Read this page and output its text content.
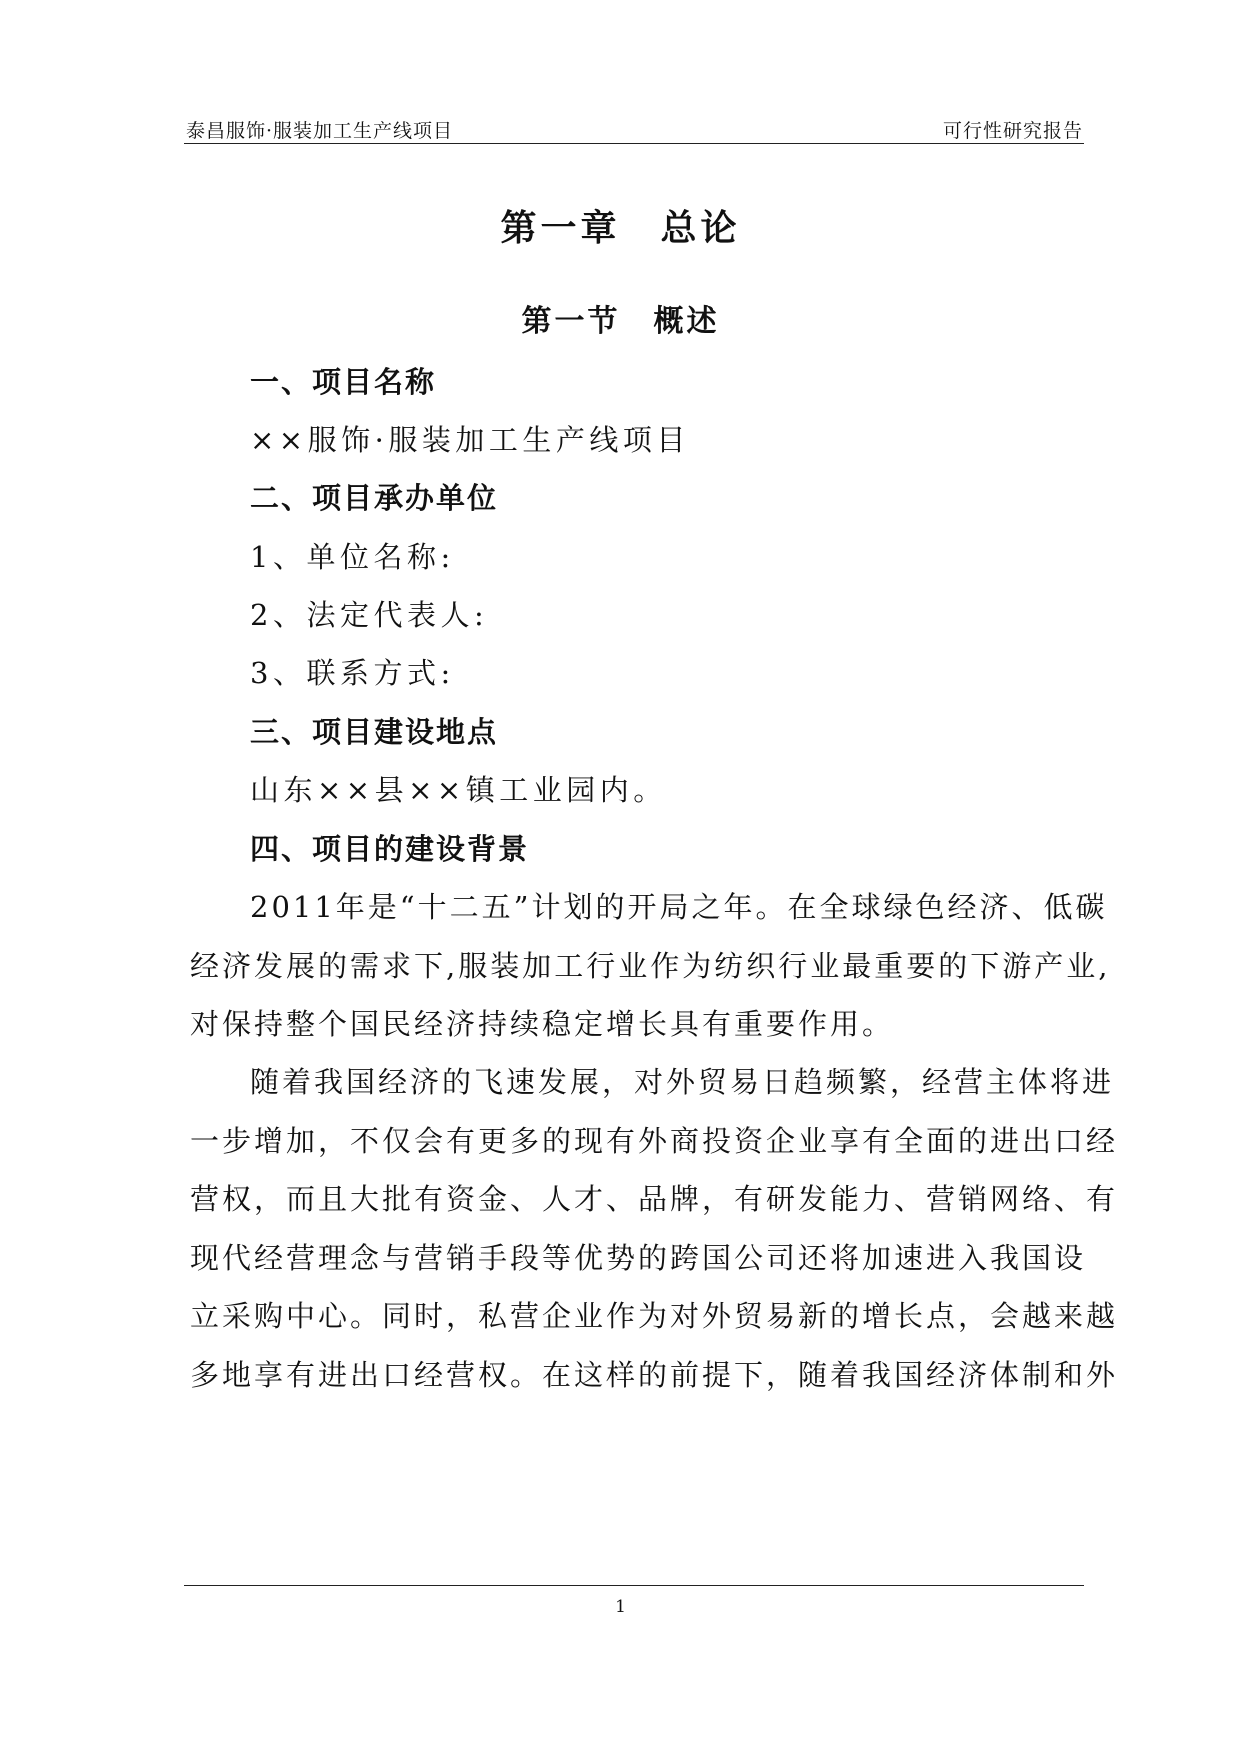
泰昌服饰·服装加工生产线项目	可行性研究报告
第一章　总论
第一节　概述
一、项目名称
××服饰·服装加工生产线项目
二、项目承办单位
1、单位名称:
2、法定代表人:
3、联系方式:
三、项目建设地点
山东××县××镇工业园内。
四、项目的建设背景
2011年是“十二五”计划的开局之年。在全球绿色经济、低碳
经济发展的需求下,服装加工行业作为纺织行业最重要的下游产业,
对保持整个国民经济持续稳定增长具有重要作用。
随着我国经济的飞速发展，对外贸易日趋频繁，经营主体将进
一步增加，不仅会有更多的现有外商投资企业享有全面的进出口经
营权，而且大批有资金、人才、品牌，有研发能力、营销网络、有
现代经营理念与营销手段等优势的跨国公司还将加速进入我国设
立采购中心。同时，私营企业作为对外贸易新的增长点，会越来越
多地享有进出口经营权。在这样的前提下，随着我国经济体制和外
1
